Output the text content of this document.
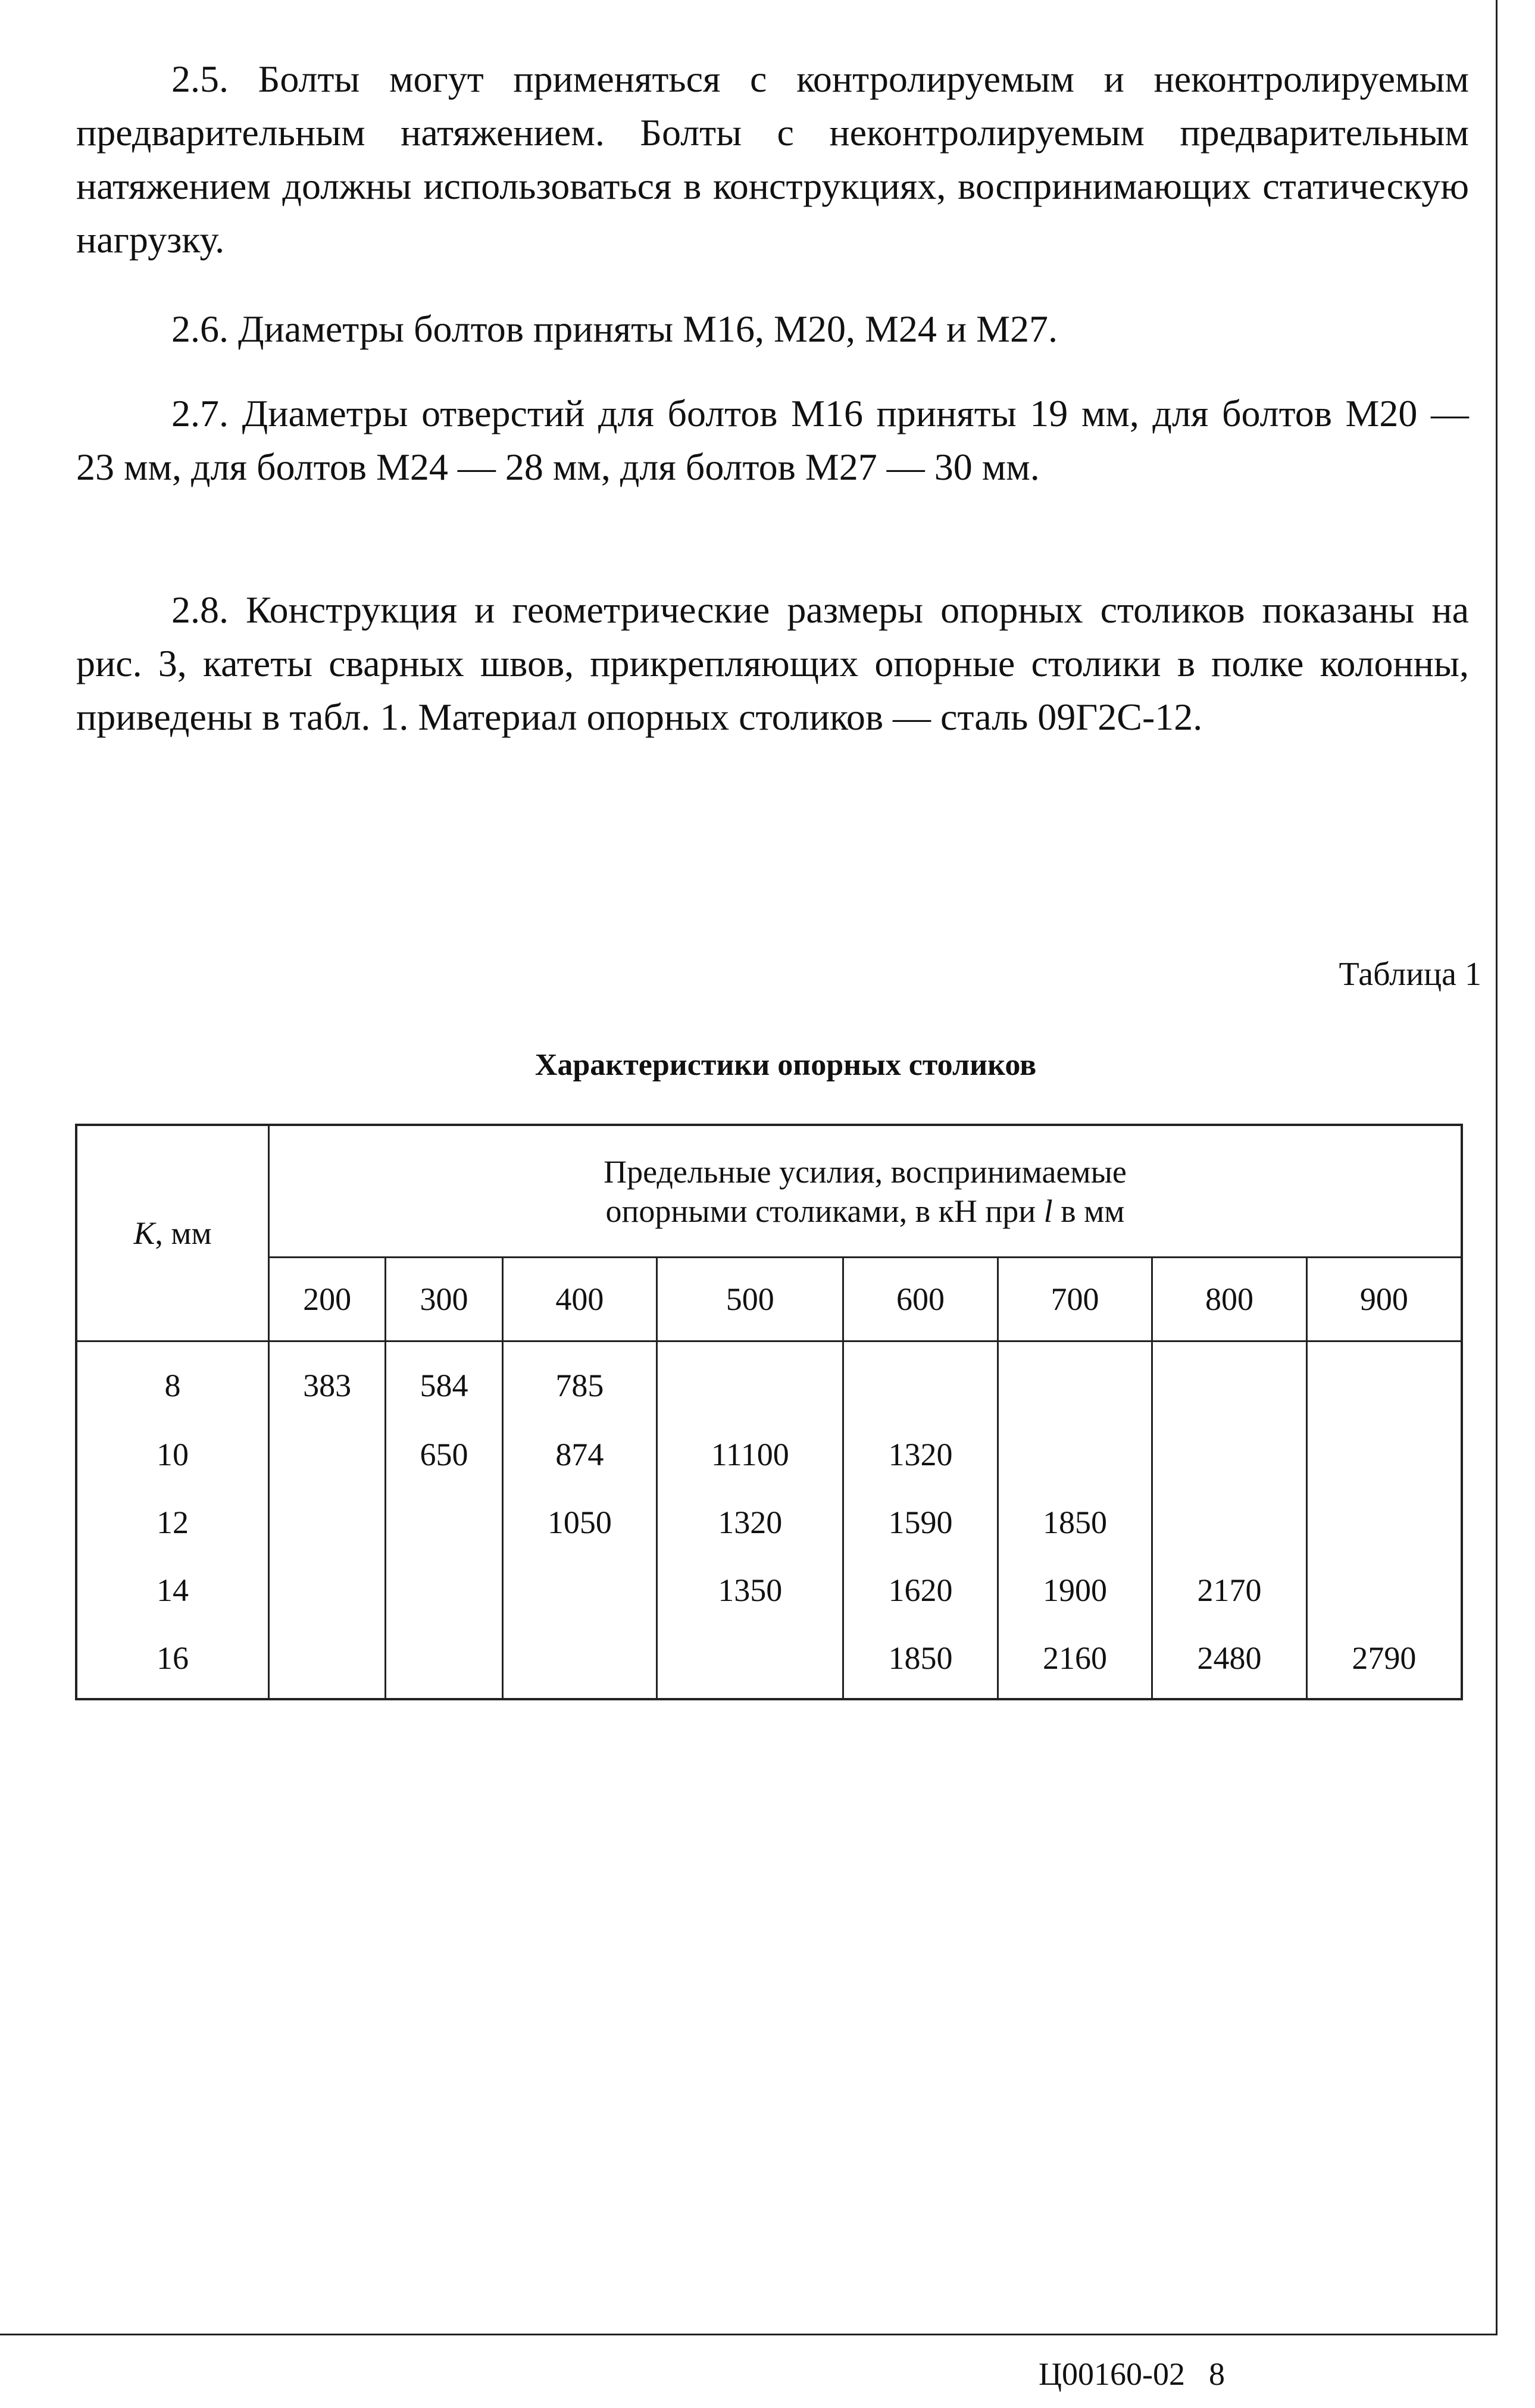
2.5. Болты могут применяться с контролируемым и неконтролируемым предварительным натяжением. Болты с неконтролируемым предварительным натяжением должны использоваться в конструкциях, воспринимающих статическую нагрузку.

2.6. Диаметры болтов приняты М16, М20, М24 и М27.

2.7. Диаметры отверстий для болтов М16 приняты 19 мм, для болтов М20 — 23 мм, для болтов М24 — 28 мм, для болтов М27 — 30 мм.

2.8. Конструкция и геометрические размеры опорных столиков показаны на рис. 3, катеты сварных швов, прикрепляющих опорные столики в полке колонны, приведены в табл. 1. Материал опорных столиков — сталь 09Г2С-12.

Таблица 1

Характеристики опорных столиков

K, мм	Предельные усилия, воспринимаемые
опорными столиками, в кН при l в мм							
	200	300	400	500	600	700	800	900
8	383	584	785					
10		650	874	11100	1320			
12			1050	1320	1590	1850		
14				1350	1620	1900	2170	
16					1850	2160	2480	2790

Ц00160-02 8
